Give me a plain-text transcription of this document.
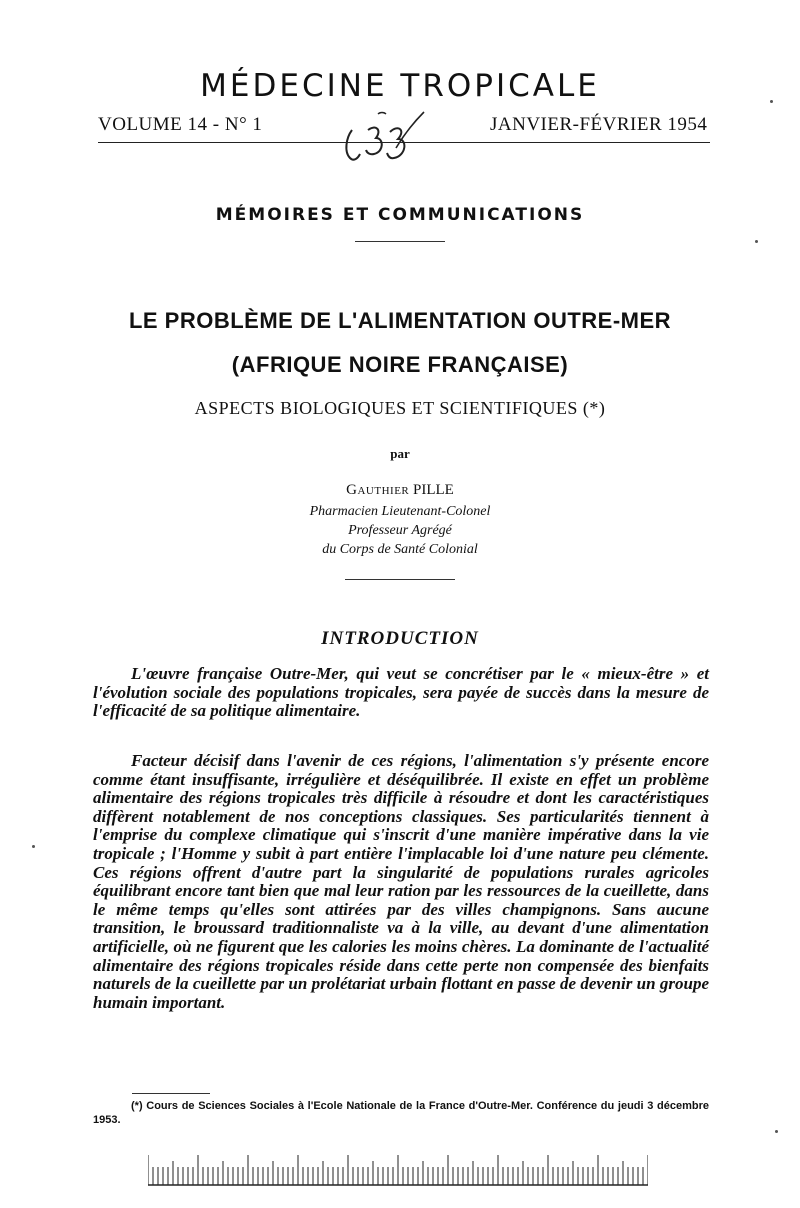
MÉDECINE TROPICALE
VOLUME 14 - N° 1	JANVIER-FÉVRIER 1954
MÉMOIRES ET COMMUNICATIONS
LE PROBLÈME DE L'ALIMENTATION OUTRE-MER
(AFRIQUE NOIRE FRANÇAISE)
ASPECTS BIOLOGIQUES ET SCIENTIFIQUES (*)
par
Gauthier PILLE
Pharmacien Lieutenant-Colonel
Professeur Agrégé
du Corps de Santé Colonial
INTRODUCTION

L'œuvre française Outre-Mer, qui veut se concrétiser par le « mieux-être » et l'évolution sociale des populations tropicales, sera payée de succès dans la mesure de l'efficacité de sa politique alimentaire.

Facteur décisif dans l'avenir de ces régions, l'alimentation s'y présente encore comme étant insuffisante, irrégulière et déséquilibrée. Il existe en effet un problème alimentaire des régions tropicales très difficile à résoudre et dont les caractéristiques diffèrent notablement de nos conceptions classiques. Ses particularités tiennent à l'emprise du complexe climatique qui s'inscrit d'une manière impérative dans la vie tropicale ; l'Homme y subit à part entière l'implacable loi d'une nature peu clémente. Ces régions offrent d'autre part la singularité de populations rurales agricoles équilibrant encore tant bien que mal leur ration par les ressources de la cueillette, dans le même temps qu'elles sont attirées par des villes champignons. Sans aucune transition, le broussard traditionnaliste va à la ville, au devant d'une alimentation artificielle, où ne figurent que les calories les moins chères. La dominante de l'actualité alimentaire des régions tropicales réside dans cette perte non compensée des bienfaits naturels de la cueillette par un prolétariat urbain flottant en passe de devenir un groupe humain important.

(*) Cours de Sciences Sociales à l'Ecole Nationale de la France d'Outre-Mer. Conférence du jeudi 3 décembre 1953.
